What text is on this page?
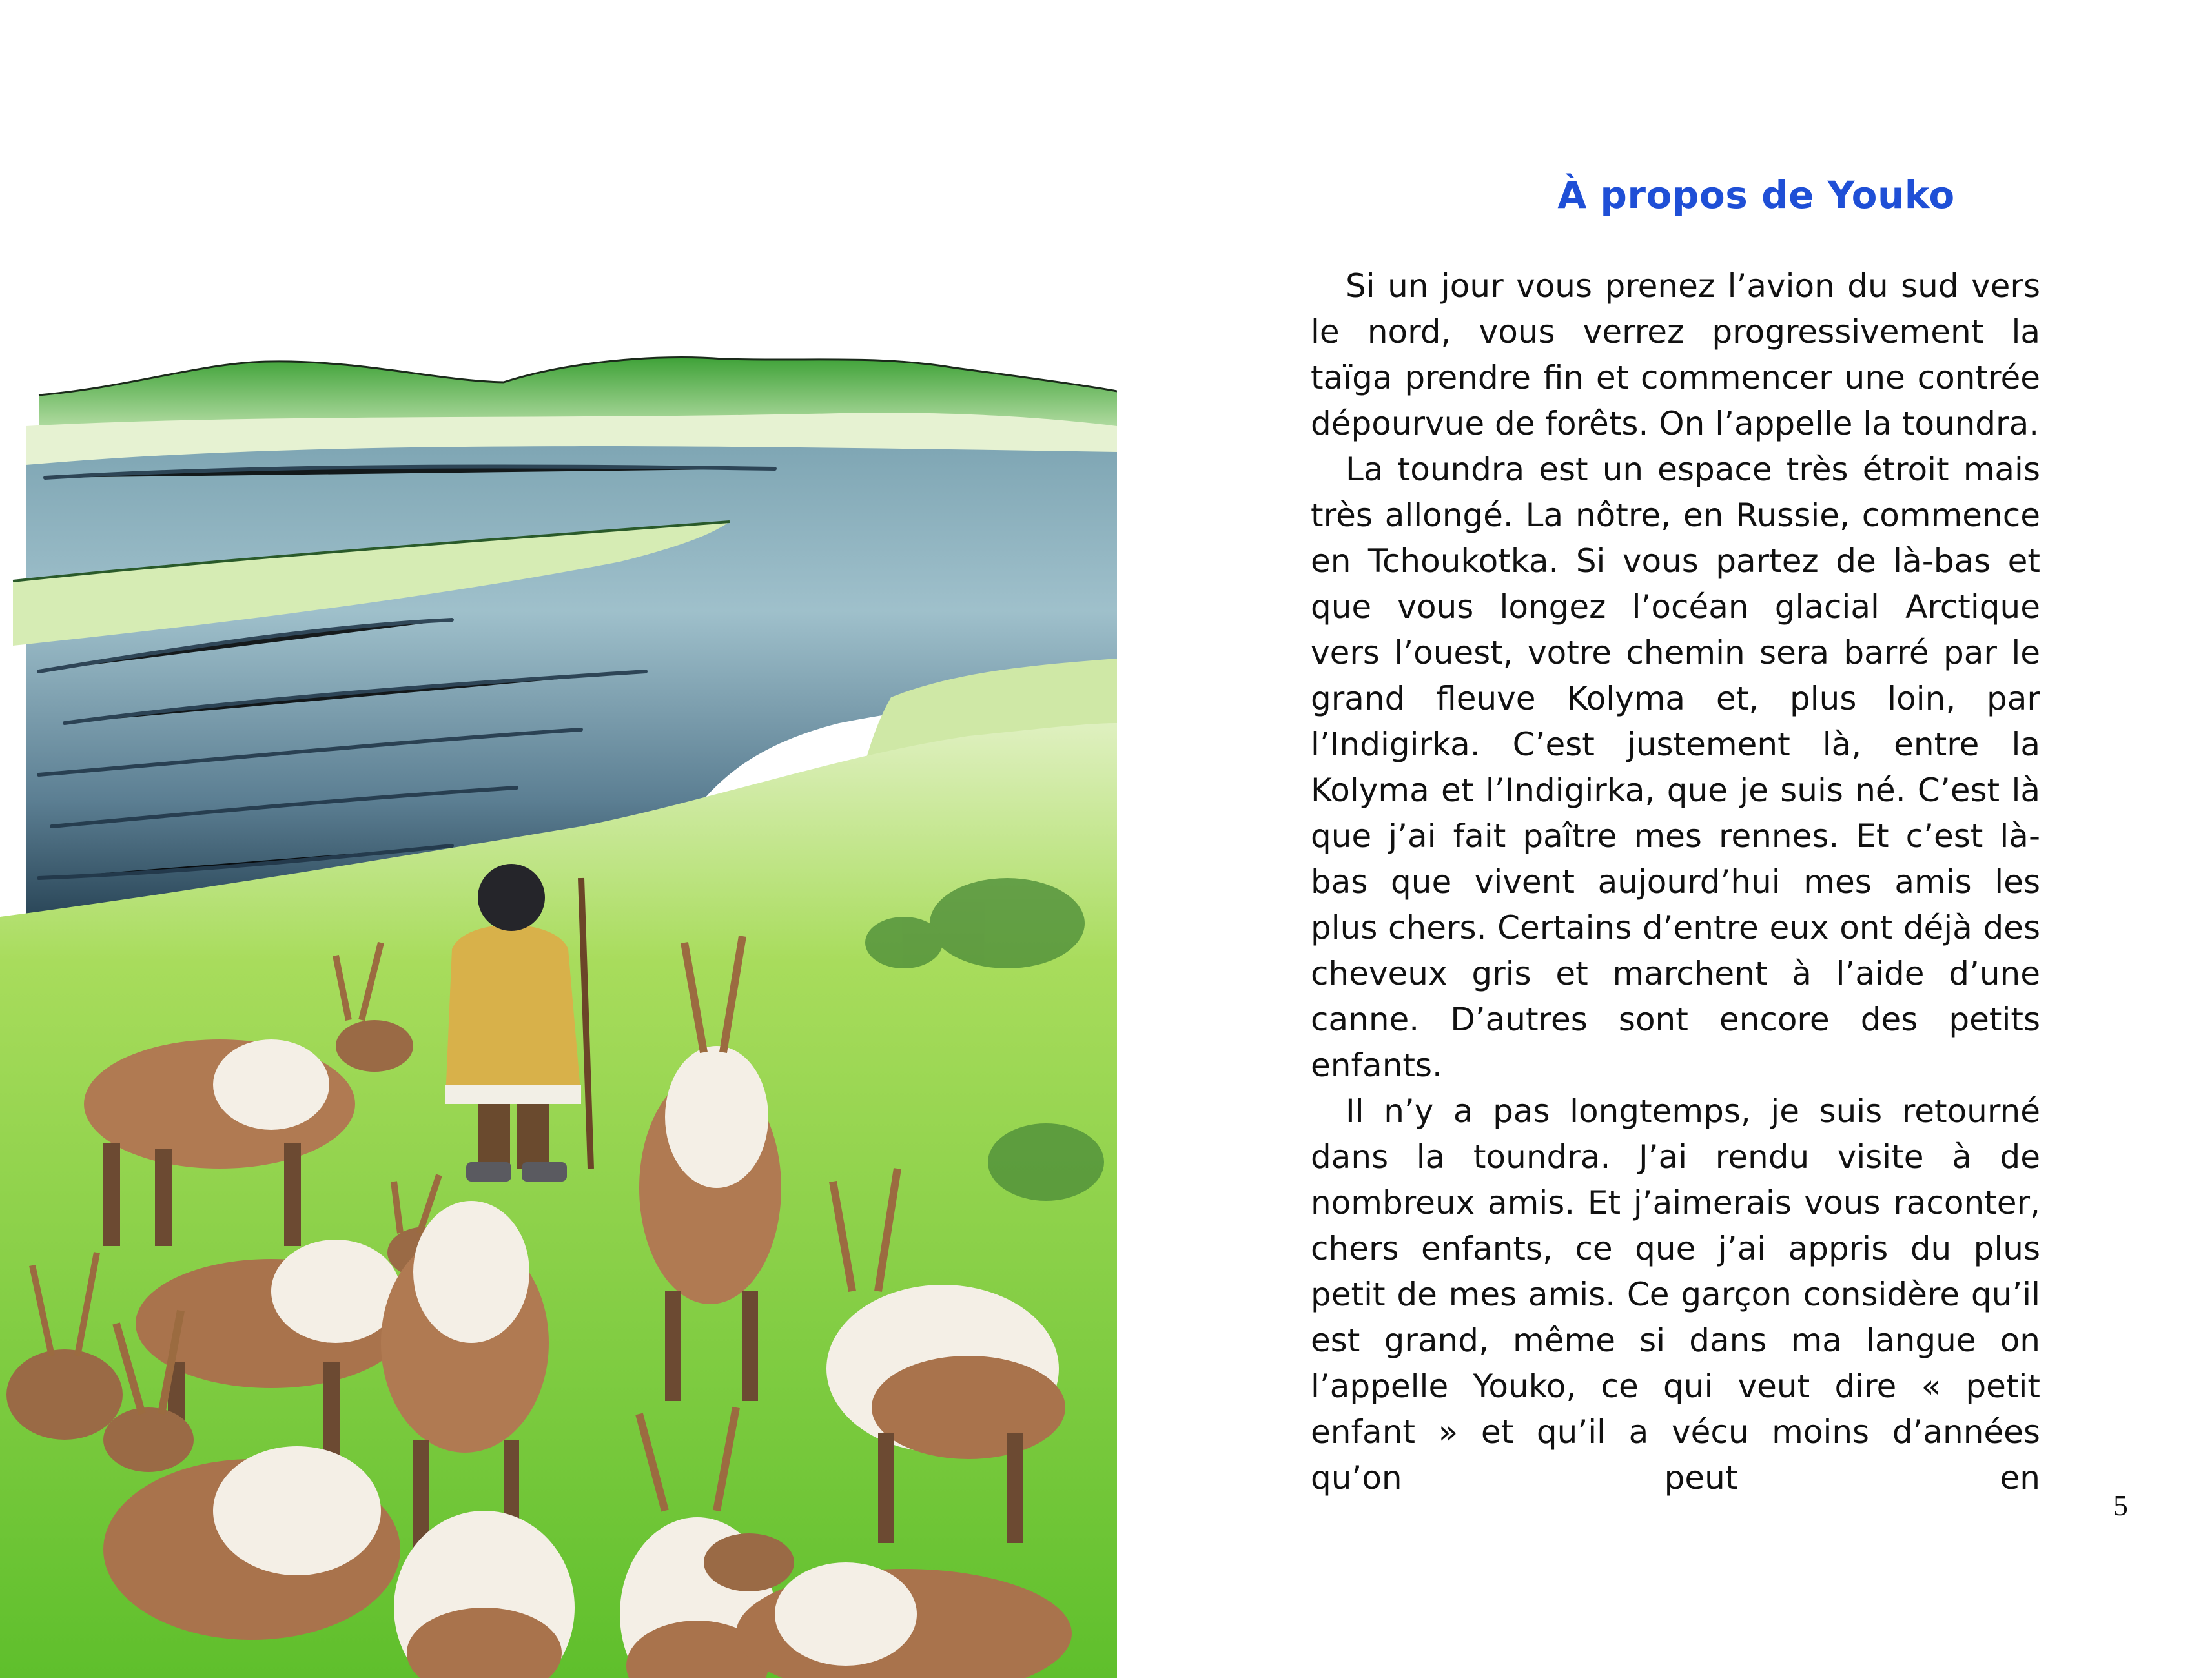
À propos de Youko

Si un jour vous prenez l’avion du sud vers le nord, vous verrez progressivement la taïga prendre fin et commencer une contrée dépourvue de forêts. On l’appelle la toundra.

La toundra est un espace très étroit mais très allongé. La nôtre, en Russie, commence en Tchoukotka. Si vous partez de là-bas et que vous longez l’océan glacial Arctique vers l’ouest, votre chemin sera barré par le grand fleuve Kolyma et, plus loin, par l’Indigirka. C’est justement là, entre la Kolyma et l’Indigirka, que je suis né. C’est là que j’ai fait paître mes rennes. Et c’est là-bas que vivent aujourd’hui mes amis les plus chers. Certains d’entre eux ont déjà des cheveux gris et marchent à l’aide d’une canne. D’autres sont encore des petits enfants.

Il n’y a pas longtemps, je suis retourné dans la toundra. J’ai rendu visite à de nombreux amis. Et j’aimerais vous raconter, chers enfants, ce que j’ai appris du plus petit de mes amis. Ce garçon considère qu’il est grand, même si dans ma langue on l’appelle Youko, ce qui veut dire « petit enfant » et qu’il a vécu moins d’années qu’on peut en

5
